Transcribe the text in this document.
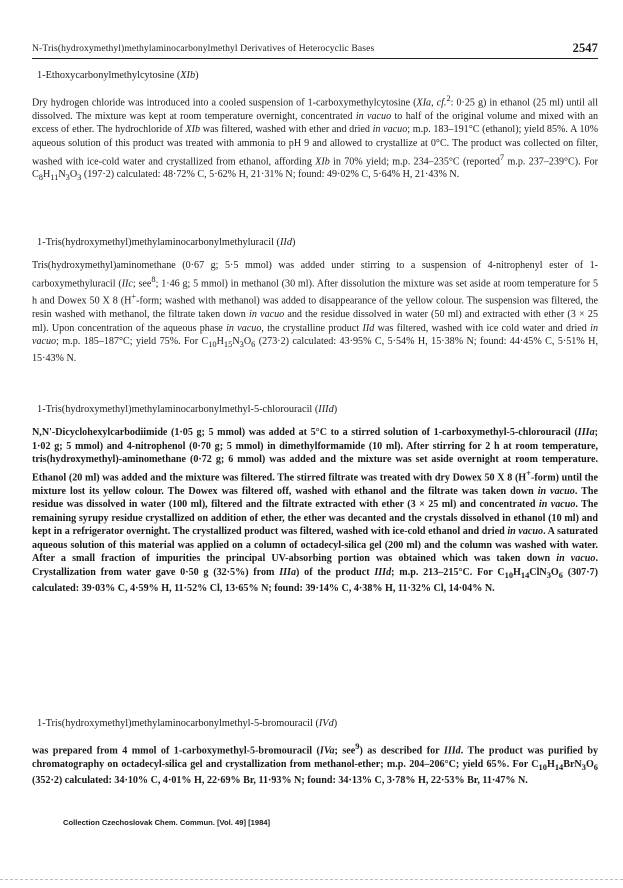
N-Tris(hydroxymethyl)methylaminocarbonylmethyl Derivatives of Heterocyclic Bases	2547
1-Ethoxycarbonylmethylcytosine (XIb)
Dry hydrogen chloride was introduced into a cooled suspension of 1-carboxymethylcytosine (XIa, cf.$^2$: 0·25 g) in ethanol (25 ml) until all dissolved. The mixture was kept at room temperature overnight, concentrated in vacuo to half of the original volume and mixed with an excess of ether. The hydrochloride of XIb was filtered, washed with ether and dried in vacuo; m.p. 183–191°C (ethanol); yield 85%. A 10% aqueous solution of this product was treated with ammonia to pH 9 and allowed to crystallize at 0°C. The product was collected on filter, washed with ice-cold water and crystallized from ethanol, affording XIb in 70% yield; m.p. 234–235°C (reported$^7$ m.p. 237–239°C). For $C_8H_{11}N_3O_3$ (197·2) calculated: 48·72% C, 5·62% H, 21·31% N; found: 49·02% C, 5·64% H, 21·43% N.
1-Tris(hydroxymethyl)methylaminocarbonylmethyluracil (IId)
Tris(hydroxymethyl)aminomethane (0·67 g; 5·5 mmol) was added under stirring to a suspension of 4-nitrophenyl ester of 1-carboxymethyluracil (IIc; see$^8$; 1·46 g; 5 mmol) in methanol (30 ml). After dissolution the mixture was set aside at room temperature for 5 h and Dowex 50 X 8 (H+-form; washed with methanol) was added to disappearance of the yellow colour. The suspension was filtered, the resin washed with methanol, the filtrate taken down in vacuo and the residue dissolved in water (50 ml) and extracted with ether (3 × 25 ml). Upon concentration of the aqueous phase in vacuo, the crystalline product IId was filtered, washed with ice cold water and dried in vacuo; m.p. 185–187°C; yield 75%. For $C_{10}H_{15}N_3O_6$ (273·2) calculated: 43·95% C, 5·54% H, 15·38% N; found: 44·45% C, 5·51% H, 15·43% N.
1-Tris(hydroxymethyl)methylaminocarbonylmethyl-5-chlorouracil (IIId)
N,N'-Dicyclohexylcarbodiimide (1·05 g; 5 mmol) was added at 5°C to a stirred solution of 1-carboxymethyl-5-chlorouracil (IIIa; 1·02 g; 5 mmol) and 4-nitrophenol (0·70 g; 5 mmol) in dimethylformamide (10 ml). After stirring for 2 h at room temperature, tris(hydroxymethyl)-aminomethane (0·72 g; 6 mmol) was added and the mixture was set aside overnight at room temperature. Ethanol (20 ml) was added and the mixture was filtered. The stirred filtrate was treated with dry Dowex 50 X 8 (H+-form) until the mixture lost its yellow colour. The Dowex was filtered off, washed with ethanol and the filtrate was taken down in vacuo. The residue was dissolved in water (100 ml), filtered and the filtrate extracted with ether (3 × 25 ml) and concentrated in vacuo. The remaining syrupy residue crystallized on addition of ether, the ether was decanted and the crystals dissolved in ethanol (10 ml) and kept in a refrigerator overnight. The crystallized product was filtered, washed with ice-cold ethanol and dried in vacuo. A saturated aqueous solution of this material was applied on a column of octadecyl-silica gel (200 ml) and the column was washed with water. After a small fraction of impurities the principal UV-absorbing portion was obtained which was taken down in vacuo. Crystallization from water gave 0·50 g (32·5%) from IIIa) of the product IIId; m.p. 213–215°C. For $C_{10}H_{14}ClN_3O_6$ (307·7) calculated: 39·03% C, 4·59% H, 11·52% Cl, 13·65% N; found: 39·14% C, 4·38% H, 11·32% Cl, 14·04% N.
1-Tris(hydroxymethyl)methylaminocarbonylmethyl-5-bromouracil (IVd)
was prepared from 4 mmol of 1-carboxymethyl-5-bromouracil (IVa; see$^9$) as described for IIId. The product was purified by chromatography on octadecyl-silica gel and crystallization from methanol-ether; m.p. 204–206°C; yield 65%. For $C_{10}H_{14}BrN_3O_6$ (352·2) calculated: 34·10% C, 4·01% H, 22·69% Br, 11·93% N; found: 34·13% C, 3·78% H, 22·53% Br, 11·47% N.
Collection Czechoslovak Chem. Commun. [Vol. 49] [1984]
